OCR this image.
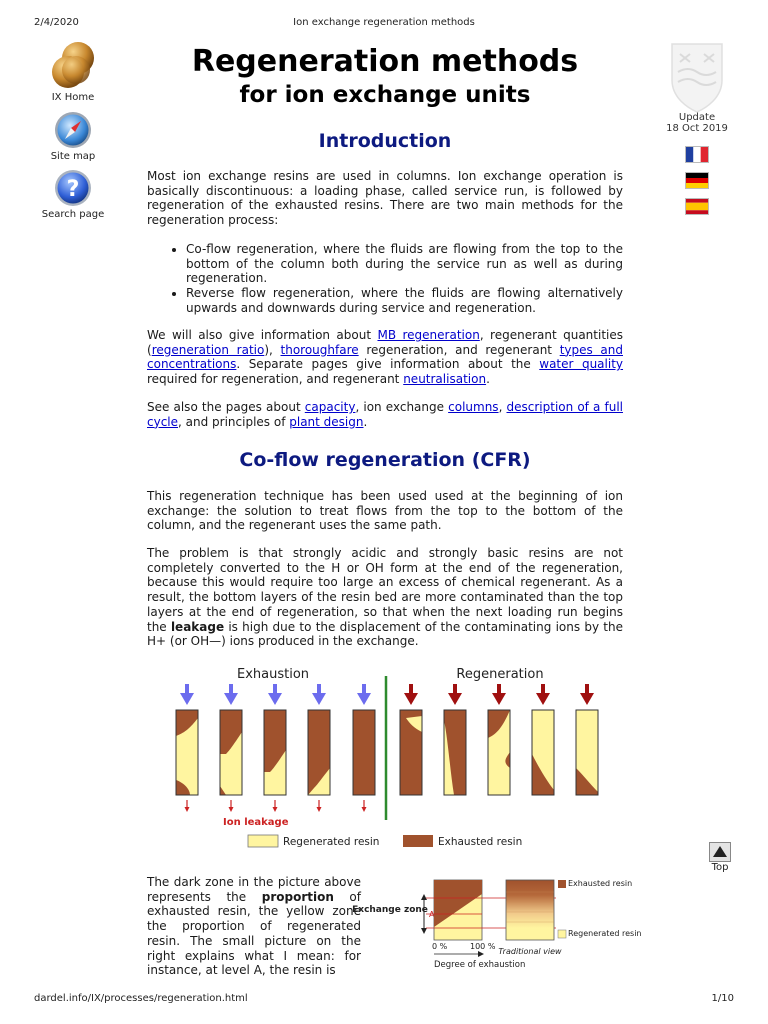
2/4/2020	Ion exchange regeneration methods
IX Home
Site map
?
Search page
Update
18 Oct 2019
Regeneration methods
for ion exchange units
Introduction

Most ion exchange resins are used in columns. Ion exchange operation is basically discontinuous: a loading phase, called service run, is followed by regeneration of the exhausted resins. There are two main methods for the regeneration process:

• Co-flow regeneration, where the fluids are flowing from the top to the bottom of the column both during the service run as well as during regeneration.
• Reverse flow regeneration, where the fluids are flowing alternatively upwards and downwards during service and regeneration.

We will also give information about MB regeneration, regenerant quantities (regeneration ratio), thoroughfare regeneration, and regenerant types and concentrations. Separate pages give information about the water quality required for regeneration, and regenerant neutralisation.

See also the pages about capacity, ion exchange columns, description of a full cycle, and principles of plant design.

Co-flow regeneration (CFR)

This regeneration technique has been used used at the beginning of ion exchange: the solution to treat flows from the top to the bottom of the column, and the regenerant uses the same path.

The problem is that strongly acidic and strongly basic resins are not completely converted to the H or OH form at the end of the regeneration, because this would require too large an excess of chemical regenerant. As a result, the bottom layers of the resin bed are more contaminated than the top layers at the end of regeneration, so that when the next loading run begins the leakage is high due to the displacement of the contaminating ions by the H+ (or OH—) ions produced in the exchange.

Exhaustion	Regeneration
Ion leakage
Regenerated resin	Exhausted resin

The dark zone in the picture above represents the proportion of exhausted resin, the yellow zone the proportion of regenerated resin. The small picture on the right explains what I mean: for instance, at level A, the resin is

Exchange zone A
0 %	100 %
Degree of exhaustion
Traditional view
Exhausted resin
Regenerated resin
Top
dardel.info/IX/processes/regeneration.html	1/10
